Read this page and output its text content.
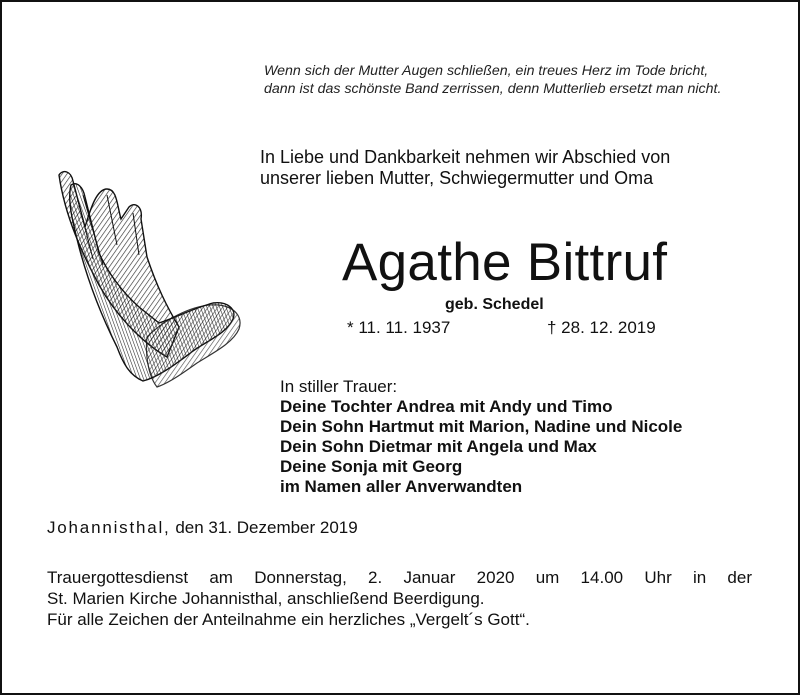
Wenn sich der Mutter Augen schließen, ein treues Herz im Tode bricht,
dann ist das schönste Band zerrissen, denn Mutterlieb ersetzt man nicht.
In Liebe und Dankbarkeit nehmen wir Abschied von
unserer lieben Mutter, Schwiegermutter und Oma
Agathe Bittruf
geb. Schedel
* 11. 11. 1937	† 28. 12. 2019
In stiller Trauer:
Deine Tochter Andrea mit Andy und Timo
Dein Sohn Hartmut mit Marion, Nadine und Nicole
Dein Sohn Dietmar mit Angela und Max
Deine Sonja mit Georg
im Namen aller Anverwandten
Johannisthal, den 31. Dezember 2019
Trauergottesdienst am Donnerstag, 2. Januar 2020 um 14.00 Uhr in der
St. Marien Kirche Johannisthal, anschließend Beerdigung.
Für alle Zeichen der Anteilnahme ein herzliches „Vergelt´s Gott“.
